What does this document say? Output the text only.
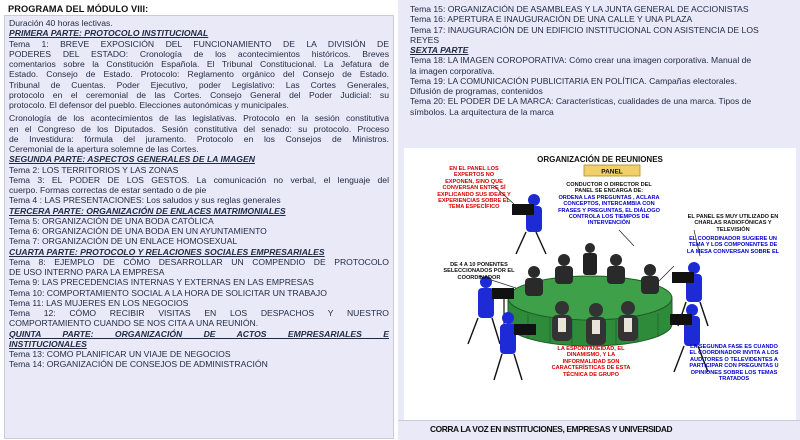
PROGRAMA DEL MÓDULO VIII:
Duración 40 horas lectivas.
PRIMERA PARTE: PROTOCOLO INSTITUCIONAL
Tema 1: BREVE EXPOSICIÓN DEL FUNCIONAMIENTO DE LA DIVISIÓN DE
PODERES DEL ESTADO: Cronología de los acontecimientos históricos. Breves
comentarios sobre la Constitución Española. El Tribunal Constitucional. La Jefatura de
Estado. Consejo de Estado. Protocolo: Reglamento orgánico del Consejo de Estado.
Tribunal de Cuentas. Poder Ejecutivo, poder Legislativo: Las Cortes Generales,
protocolo en el ceremonial de las Cortes. Consejo General del Poder Judicial: su
protocolo. El defensor del pueblo. Elecciones autonómicas y municipales.
Cronología de los acontecimientos de las legislativas. Protocolo en la sesión constitutiva
en el Congreso de los Diputados. Sesión constitutiva del senado: su protocolo. Proceso
de Investidura: fórmula del juramento. Protocolo en los Consejos de Ministros.
Ceremonial de la apertura solemne de las Cortes.
SEGUNDA PARTE: ASPECTOS GENERALES DE LA IMAGEN
Tema 2: LOS TERRITORIOS Y LAS ZONAS
Tema 3: EL PODER DE LOS GESTOS. La comunicación no verbal, el lenguaje del
cuerpo. Formas correctas de estar sentado o de pie
Tema 4 : LAS PRESENTACIONES: Los saludos y sus reglas generales
TERCERA PARTE: ORGANIZACIÓN DE ENLACES MATRIMONIALES
Tema 5: ORGANIZACIÓN DE UNA BODA CATÓLICA
Tema 6: ORGANIZACIÓN DE UNA BODA EN UN AYUNTAMIENTO
Tema 7: ORGANIZACIÓN DE UN ENLACE HOMOSEXUAL
CUARTA PARTE: PROTOCOLO Y RELACIONES SOCIALES EMPRESARIALES
Tema 8: EJEMPLO DE CÓMO DESARROLLAR UN COMPENDIO DE PROTOCOLO
DE USO INTERNO PARA LA EMPRESA
Tema 9: LAS PRECEDENCIAS INTERNAS Y EXTERNAS EN LAS EMPRESAS
Tema 10: COMPORTAMIENTO SOCIAL A LA HORA DE SOLICITAR UN TRABAJO
Tema 11: LAS MUJERES EN LOS NEGOCIOS
Tema 12: CÓMO RECIBIR VISITAS EN LOS DESPACHOS Y NUESTRO
COMPORTAMIENTO CUANDO SE NOS CITA A UNA REUNIÓN.
QUINTA PARTE: ORGANIZACIÓN DE ACTOS EMPRESARIALES E
INSTITUCIONALES
Tema 13: COMO PLANIFICAR UN VIAJE DE NEGOCIOS
Tema 14: ORGANIZACIÓN DE CONSEJOS DE ADMINISTRACIÓN
Tema 15: ORGANIZACIÓN DE ASAMBLEAS Y LA JUNTA GENERAL DE ACCIONISTAS
Tema 16: APERTURA E INAUGURACIÓN DE UNA CALLE Y UNA PLAZA
Tema 17: INAUGURACIÓN DE UN EDIFICIO INSTITUCIONAL CON ASISTENCIA DE LOS
REYES
SEXTA PARTE
Tema 18: LA IMAGEN COROPORATIVA: Cómo crear una imagen corporativa. Manual de
la imagen corporativa.
Tema 19: LA COMUNICACIÓN PUBLICITARIA EN POLÍTICA. Campañas electorales.
Difusión de programas, contenidos
Tema 20: EL PODER DE LA MARCA: Características, cualidades de una marca. Tipos de
símbolos. La arquitectura de la marca
ORGANIZACIÓN DE REUNIONES
PANEL
EN EL PANEL LOS
EXPERTOS NO
EXPONEN, SINO QUE
CONVERSAN ENTRE SÍ
EXPLICANDO SUS IDEAS Y
EXPERIENCIAS SOBRE EL
TEMA ESPECÍFICO
CONDUCTOR O DIRECTOR DEL
PANEL SE ENCARGA DE:
ORDENA LAS PREGUNTAS , ACLARA
CONCEPTOS, INTERCAMBIA CON
FRASES Y PREGUNTAS, EL DIÁLOGO
CONTROLA LOS TIEMPOS DE
INTERVENCIÓN
EL PANEL ES MUY UTILIZADO EN
CHARLAS RADIOFÓNICAS Y
TELEVISIÓN
EL COORDINADOR SUGIERE UN
TEMA Y LOS COMPONENTES DE
LA MESA CONVERSAN SOBRE EL
DE 4 A 10 PONENTES
SELECCIONADOS POR EL
COORDINADOR
LA ESPONTANEIDAD, EL
DINAMISMO, Y LA
INFORMALIDAD SON
CARACTERÍSTICAS DE ESTA
TÉCNICA DE GRUPO
LA SEGUNDA FASE ES CUANDO
EL COORDINADOR INVITA A LOS
AUDITORES O TELEVIDENTES A
PARTICIPAR CON PREGUNTAS U
OPINIONES SOBRE LOS TEMAS
TRATADOS
CORRA LA VOZ EN INSTITUCIONES, EMPRESAS Y UNIVERSIDAD
